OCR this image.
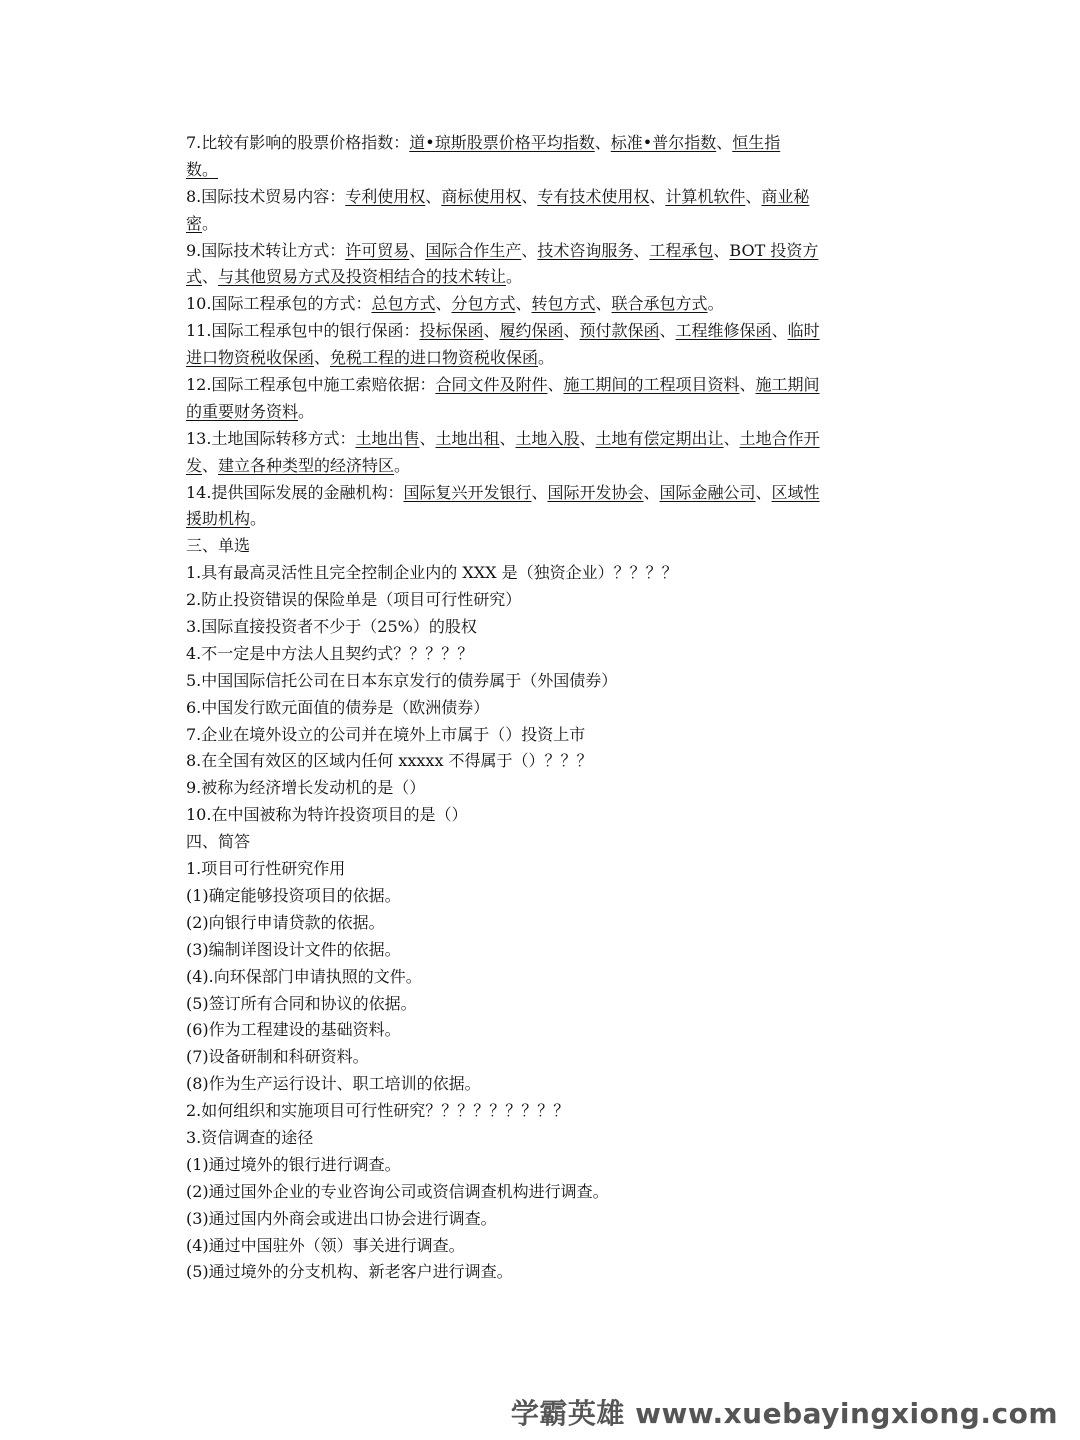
7.比较有影响的股票价格指数：道•琼斯股票价格平均指数、标准•普尔指数、恒生指
数。
8.国际技术贸易内容：专利使用权、商标使用权、专有技术使用权、计算机软件、商业秘
密。
9.国际技术转让方式：许可贸易、国际合作生产、技术咨询服务、工程承包、BOT 投资方
式、与其他贸易方式及投资相结合的技术转让。
10.国际工程承包的方式：总包方式、分包方式、转包方式、联合承包方式。
11.国际工程承包中的银行保函：投标保函、履约保函、预付款保函、工程维修保函、临时
进口物资税收保函、免税工程的进口物资税收保函。
12.国际工程承包中施工索赔依据：合同文件及附件、施工期间的工程项目资料、施工期间
的重要财务资料。
13.土地国际转移方式：土地出售、土地出租、土地入股、土地有偿定期出让、土地合作开
发、建立各种类型的经济特区。
14.提供国际发展的金融机构：国际复兴开发银行、国际开发协会、国际金融公司、区域性
援助机构。
三、单选
1.具有最高灵活性且完全控制企业内的 XXX 是（独资企业）？？？？
2.防止投资错误的保险单是（项目可行性研究）
3.国际直接投资者不少于（25%）的股权
4.不一定是中方法人且契约式？？？？？
5.中国国际信托公司在日本东京发行的债券属于（外国债券）
6.中国发行欧元面值的债券是（欧洲债券）
7.企业在境外设立的公司并在境外上市属于（）投资上市
8.在全国有效区的区域内任何 xxxxx 不得属于（）？？？
9.被称为经济增长发动机的是（）
10.在中国被称为特许投资项目的是（）
四、简答
1.项目可行性研究作用
(1)确定能够投资项目的依据。
(2)向银行申请贷款的依据。
(3)编制详图设计文件的依据。
(4).向环保部门申请执照的文件。
(5)签订所有合同和协议的依据。
(6)作为工程建设的基础资料。
(7)设备研制和科研资料。
(8)作为生产运行设计、职工培训的依据。
2.如何组织和实施项目可行性研究？？？？？？？？？
3.资信调查的途径
(1)通过境外的银行进行调查。
(2)通过国外企业的专业咨询公司或资信调查机构进行调查。
(3)通过国内外商会或进出口协会进行调查。
(4)通过中国驻外（领）事关进行调查。
(5)通过境外的分支机构、新老客户进行调查。
学霸英雄 www.xuebayingxiong.com
